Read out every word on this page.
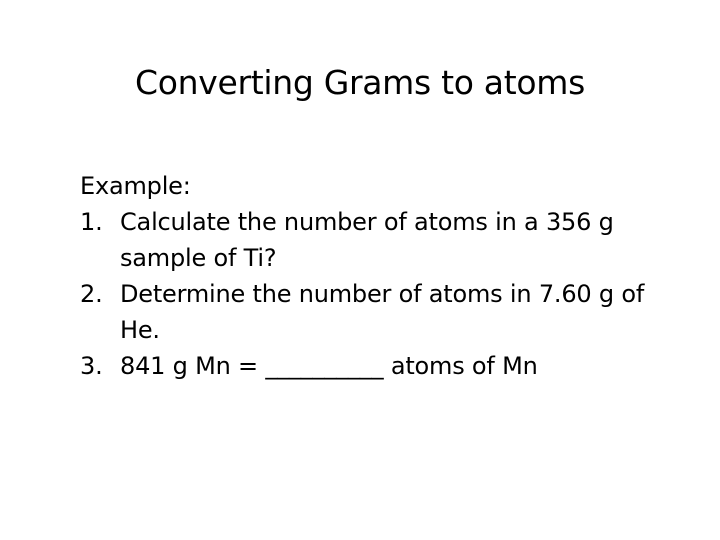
Converting Grams to atoms

Example:

1. Calculate the number of atoms in a 356 g sample of Ti?
2. Determine the number of atoms in 7.60 g of He.
3. 841 g Mn = __________ atoms of Mn
